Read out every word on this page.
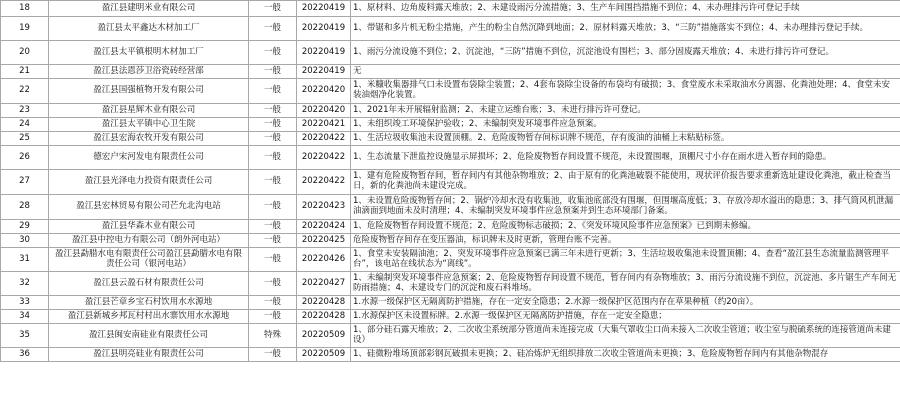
18	盈江县建明米业有限公司	一般	20220419	1、原材料、边角废料露天堆放；2、未建设雨污分流措施；3、生产车间围挡措施不到位；4、未办理排污许可登记手续
19	盈江县太平鑫达木材加工厂	一般	20220419	1、带锯和多片机无粉尘措施，产生的粉尘自然沉降到地面；2、原材料露天堆放；3、“三防”措施落实不到位；4、未办理排污登记手续。
20	盈江县太平镇根明木材加工厂	一般	20220419	1、雨污分流设施不到位；2、沉淀池，“三防”措施不到位，沉淀池设有围栏；3、部分固废露天堆放；4、未进行排污许可登记。
21	盈江县法恩莎卫浴瓷砖经营部	一般	20220419	无
22	盈江县国强植物开发有限公司	一般	20220420	1、米糠收集器排气口未设置布袋除尘装置；2、4套布袋除尘设备的布袋均有破损；3、食堂废水未采取油水分离器、化粪池处理；4、食堂未安装油烟净化装置。
23	盈江县星辉木业有限公司	一般	20220420	1、2021年未开展辐射监测；2、未建立运维台账；3、未进行排污许可登记。
24	盈江县太平镇中心卫生院	一般	20220421	1、未组织竣工环境保护验收；2、未编制突发环境事件应急预案。
25	盈江县宏海农牧开发有限公司	一般	20220422	1、生活垃圾收集池未设置顶棚。2、危险废物暂存间标识牌不规范，存有废油的油桶上未粘贴标签。
26	德宏户宋河发电有限责任公司	一般	20220422	1、生态流量下泄监控设施显示屏损坏；2、危险废物暂存间设置不规范，未设置围堰，顶棚尺寸小存在雨水进入暂存间的隐患。
27	盈江县光泽电力投资有限责任公司	一般	20220422	1、建有危险废物暂存间，暂存间内有其他杂物堆放；2、由于原有的化粪池破裂不能使用，现状评价报告要求重新选址建设化粪池，截止检查当日，新的化粪池尚未建设完成。
28	盈江县宏林贸易有限公司芒允北沟电站	一般	20220423	1、未设置危险废物暂存间；2、锅炉冷却水没有收集池，收集池底部没有围堰，但围堰高度低；3、存放冷却水溢出的隐患；3、排气筒风机泄漏油滴面到地面未及时清理；4、未编制突发环境事件应急预案并到生态环境部门备案。
29	盈江县华森木业有限公司	一般	20220424	1、危险废物暂存间设置不规范；2、危险废物标志破损；2、《突发环境风险事件应急预案》已到期未修编。
30	盈江县中控电力有限公司（朗外河电站）	一般	20220425	危险废物暂存间存在变压器油，标识牌未及时更新，管理台账不完善。
31	盈江县勐腊水电有限责任公司盈江县勐腊水电有限责任公司（银河电站）	一般	20220426	1、食堂未安装隔油池；2、突发环境事件应急预案已满三年未进行更新；3、生活垃圾收集池未设置顶棚；4、查看“盈江县生态流量监测管理平台”，该电站在线状态为“离线”。
32	盈江县云盈石材有限责任公司	一般	20220427	1、未编制突发环境事件应急预案；2、危险废物暂存间设置不规范，暂存间内有杂物堆放；3、雨污分流设施不到位，沉淀池、多片锯生产车间无防雨措施；4、未建设专门的沉淀和废石料堆场。
33	盈江县芒章乡宝石村饮用水水源地	一般	20220428	1.水源一级保护区无隔离防护措施，存在一定安全隐患；2.水源一级保护区范围内存在草果种植（约20亩）。
34	盈江县新城乡邦瓦村村出水寨饮用水水源地	一般	20220428	1.水源保护区未设置标牌。2.水源一级保护区无隔离防护措施，存在一定安全隐患；
35	盈江县闽安南硅业有限责任公司	特殊	20220509	1、部分硅石露天堆放；2、二次收尘系统部分管道尚未连接完成（大集气罩收尘口尚未接入二次收尘管道；收尘室与脱硫系统的连接管道尚未建设）
36	盈江县明亮硅业有限责任公司	一般	20220509	1、硅微粉堆场顶部彩钢瓦破损未更换；2、硅冶炼炉无组织排放二次收尘管道尚未更换；3、危险废物暂存间内有其他杂物混存
